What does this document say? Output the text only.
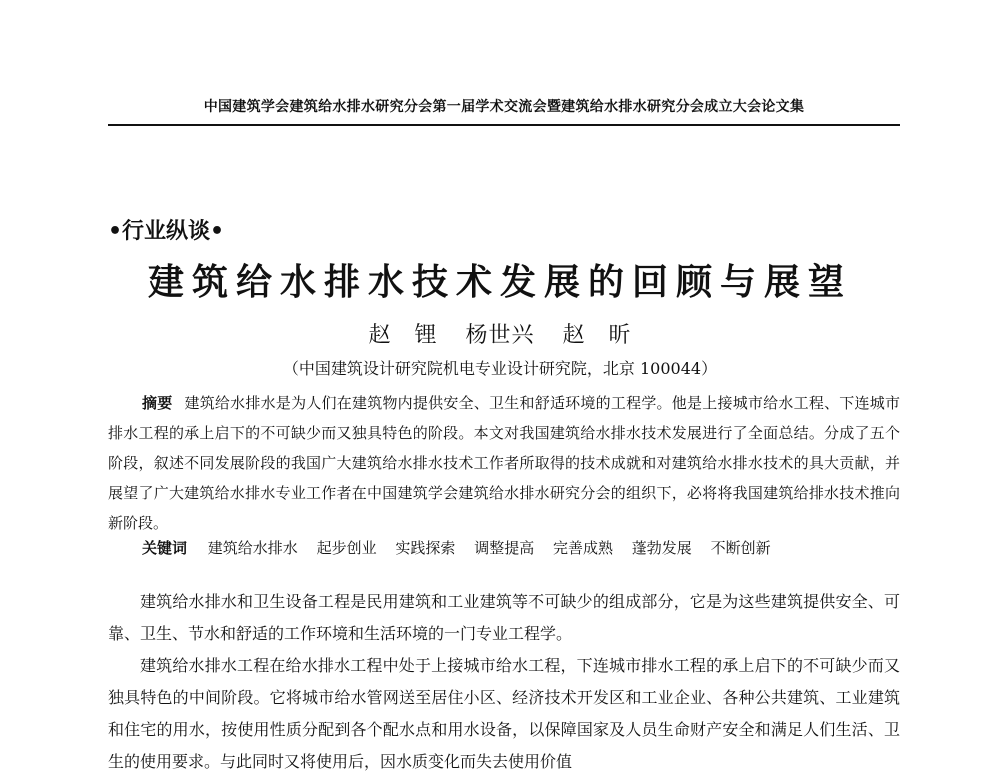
中国建筑学会建筑给水排水研究分会第一届学术交流会暨建筑给水排水研究分会成立大会论文集
•行业纵谈•
建筑给水排水技术发展的回顾与展望
赵　锂 杨世兴 赵　昕
（中国建筑设计研究院机电专业设计研究院，北京 100044）
摘要 建筑给水排水是为人们在建筑物内提供安全、卫生和舒适环境的工程学。他是上接城市给水工程、下连城市排水工程的承上启下的不可缺少而又独具特色的阶段。本文对我国建筑给水排水技术发展进行了全面总结。分成了五个阶段，叙述不同发展阶段的我国广大建筑给水排水技术工作者所取得的技术成就和对建筑给水排水技术的具大贡献，并展望了广大建筑给水排水专业工作者在中国建筑学会建筑给水排水研究分会的组织下，必将将我国建筑给排水技术推向新阶段。
关键词 建筑给水排水 起步创业 实践探索 调整提高 完善成熟 蓬勃发展 不断创新

建筑给水排水和卫生设备工程是民用建筑和工业建筑等不可缺少的组成部分，它是为这些建筑提供安全、可靠、卫生、节水和舒适的工作环境和生活环境的一门专业工程学。

建筑给水排水工程在给水排水工程中处于上接城市给水工程，下连城市排水工程的承上启下的不可缺少而又独具特色的中间阶段。它将城市给水管网送至居住小区、经济技术开发区和工业企业、各种公共建筑、工业建筑和住宅的用水，按使用性质分配到各个配水点和用水设备，以保障国家及人员生命财产安全和满足人们生活、卫生的使用要求。与此同时又将使用后，因水质变化而失去使用价值
